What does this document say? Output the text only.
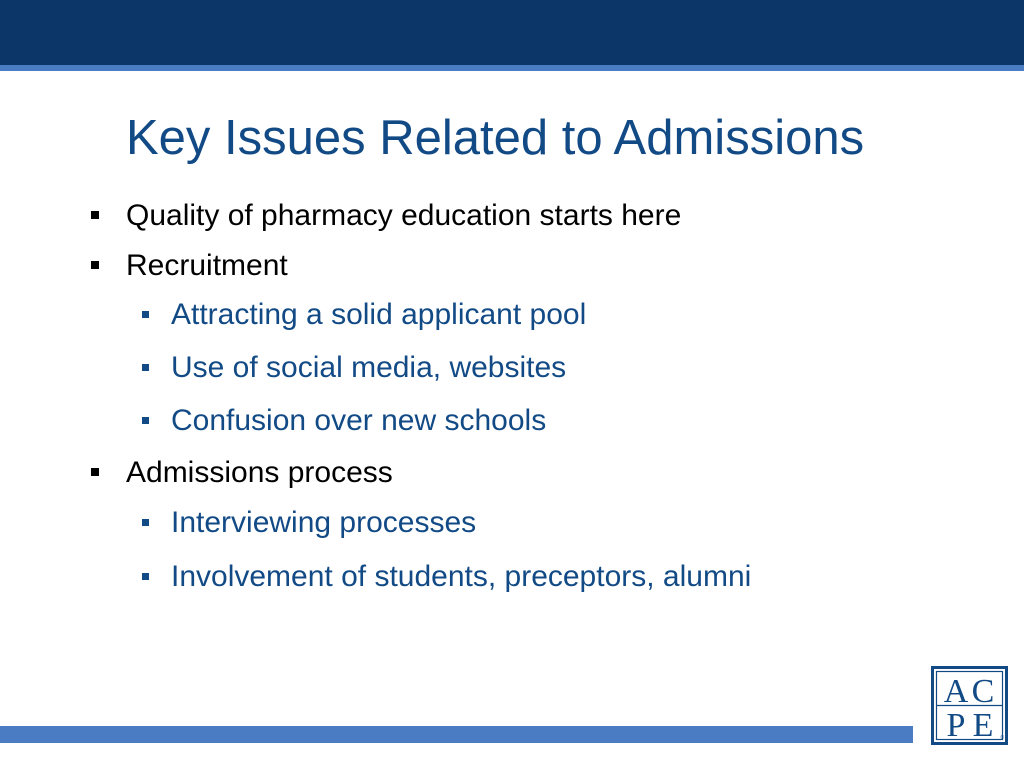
Key Issues Related to Admissions
Quality of pharmacy education starts here
Recruitment
Attracting a solid applicant pool
Use of social media, websites
Confusion over new schools
Admissions process
Interviewing processes
Involvement of students, preceptors, alumni
A C
P E ®
